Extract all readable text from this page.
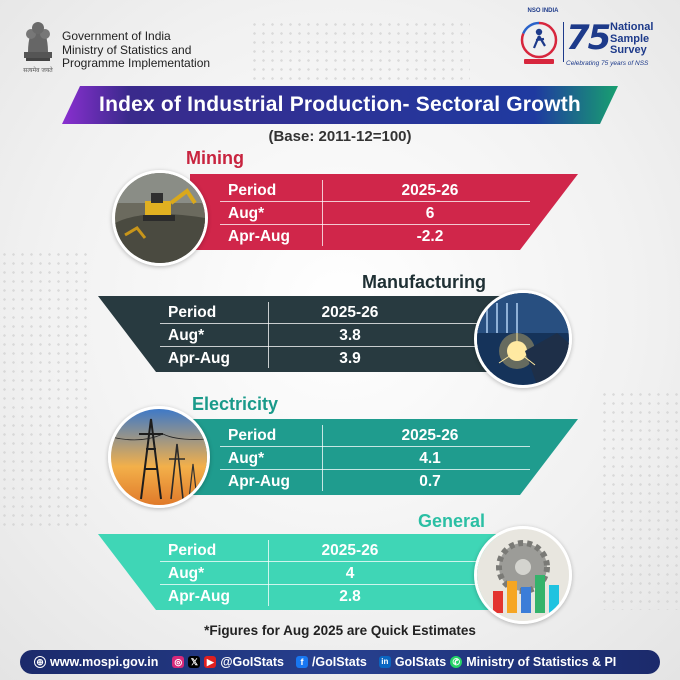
सत्यमेव जयते
Government of India
Ministry of Statistics and
Programme Implementation
NSO INDIA
75 National
Sample
Survey
Celebrating 75 years of NSS
Index of Industrial Production- Sectoral Growth
(Base: 2011-12=100)
Mining
Period	2025-26
Aug*	6
Apr-Aug	-2.2
Manufacturing
Period	2025-26
Aug*	3.8
Apr-Aug	3.9
Electricity
Period	2025-26
Aug*	4.1
Apr-Aug	0.7
General
Period	2025-26
Aug*	4
Apr-Aug	2.8
*Figures for Aug 2025 are Quick Estimates
⊕ www.mospi.gov.in ◎ 𝕏 ▶ @GoIStats	f /GoIStats	in GoIStats ✆ Ministry of Statistics & PI
